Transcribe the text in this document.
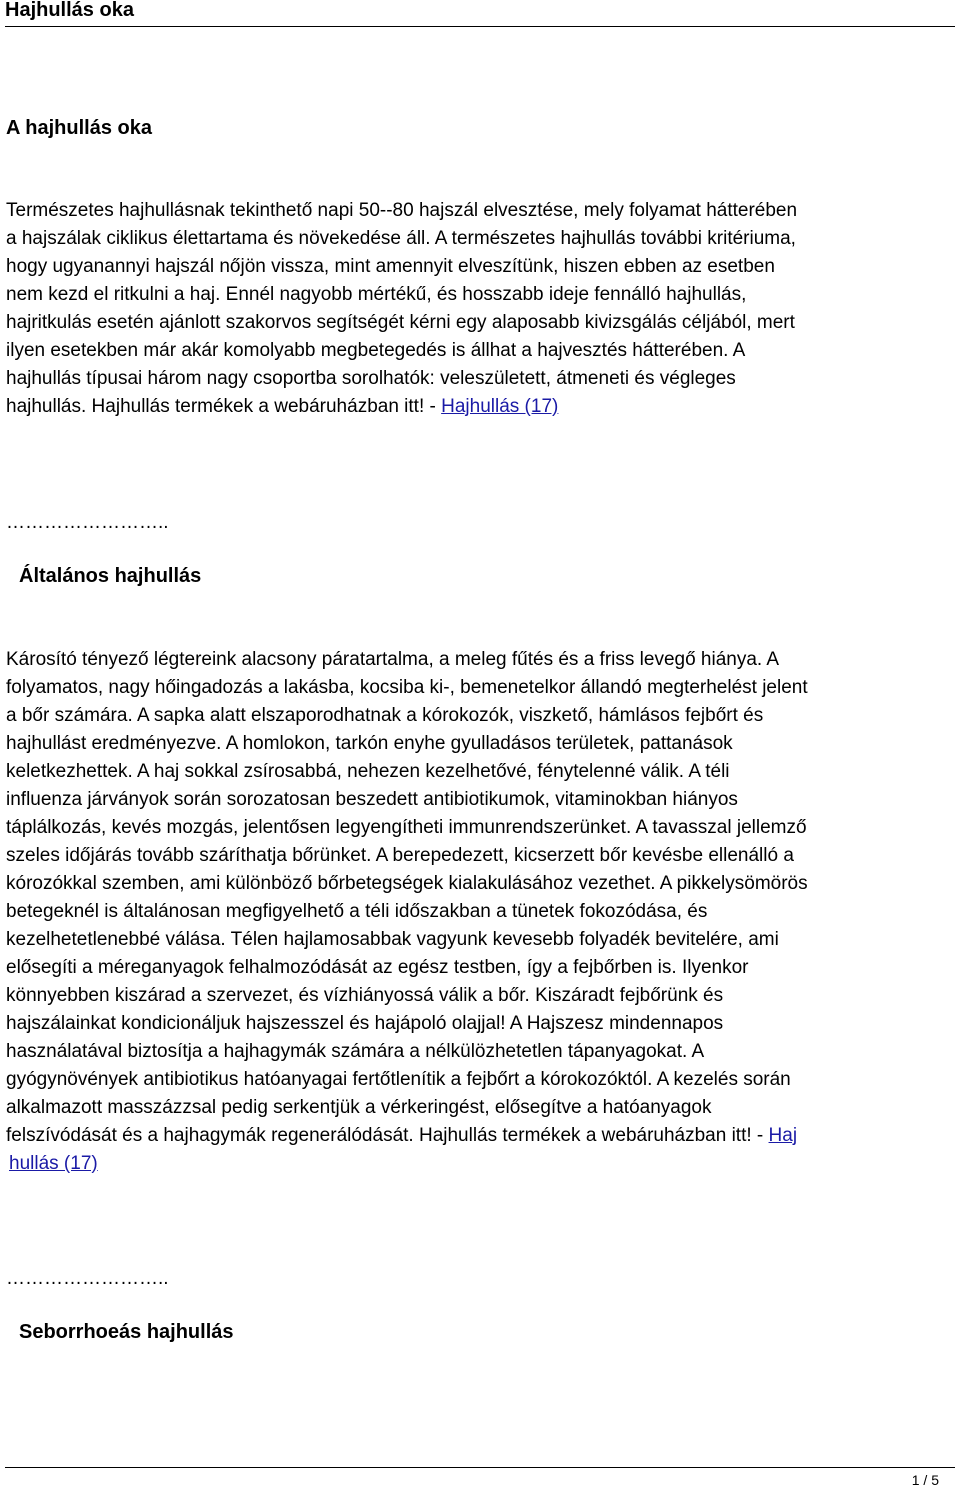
Hajhullás oka
A hajhullás oka
Természetes hajhullásnak tekinthető napi 50--80 hajszál elvesztése, mely folyamat hátterében
a hajszálak ciklikus élettartama és növekedése áll. A természetes hajhullás további kritériuma,
hogy ugyanannyi hajszál nőjön vissza, mint amennyit elveszítünk, hiszen ebben az esetben
nem kezd el ritkulni a haj. Ennél nagyobb mértékű, és hosszabb ideje fennálló hajhullás,
hajritkulás esetén ajánlott szakorvos segítségét kérni egy alaposabb kivizsgálás céljából, mert
ilyen esetekben már akár komolyabb megbetegedés is állhat a hajvesztés hátterében. A
hajhullás típusai három nagy csoportba sorolhatók: veleszületett, átmeneti és végleges
hajhullás. Hajhullás termékek a webáruházban itt! - Hajhullás (17)
……………………..
Általános hajhullás
Károsító tényező légtereink alacsony páratartalma, a meleg fűtés és a friss levegő hiánya. A
folyamatos, nagy hőingadozás a lakásba, kocsiba ki-, bemenetelkor állandó megterhelést jelent
a bőr számára. A sapka alatt elszaporodhatnak a kórokozók, viszkető, hámlásos fejbőrt és
hajhullást eredményezve. A homlokon, tarkón enyhe gyulladásos területek, pattanások
keletkezhettek. A haj sokkal zsírosabbá, nehezen kezelhetővé, fénytelenné válik. A téli
influenza járványok során sorozatosan beszedett antibiotikumok, vitaminokban hiányos
táplálkozás, kevés mozgás, jelentősen legyengítheti immunrendszerünket. A tavasszal jellemző
szeles időjárás tovább száríthatja bőrünket. A berepedezett, kicserzett bőr kevésbe ellenálló a
kórozókkal szemben, ami különböző bőrbetegségek kialakulásához vezethet. A pikkelysömörös
betegeknél is általánosan megfigyelhető a téli időszakban a tünetek fokozódása, és
kezelhetetlenebbé válása. Télen hajlamosabbak vagyunk kevesebb folyadék bevitelére, ami
elősegíti a méreganyagok felhalmozódását az egész testben, így a fejbőrben is. Ilyenkor
könnyebben kiszárad a szervezet, és vízhiányossá válik a bőr. Kiszáradt fejbőrünk és
hajszálainkat kondicionáljuk hajszesszel és hajápoló olajjal! A Hajszesz mindennapos
használatával biztosítja a hajhagymák számára a nélkülözhetetlen tápanyagokat. A
gyógynövények antibiotikus hatóanyagai fertőtlenítik a fejbőrt a kórokozóktól. A kezelés során
alkalmazott masszázzsal pedig serkentjük a vérkeringést, elősegítve a hatóanyagok
felszívódását és a hajhagymák regenerálódását. Hajhullás termékek a webáruházban itt! - Haj
hullás (17)
……………………..
Seborrhoeás hajhullás
1 / 5
